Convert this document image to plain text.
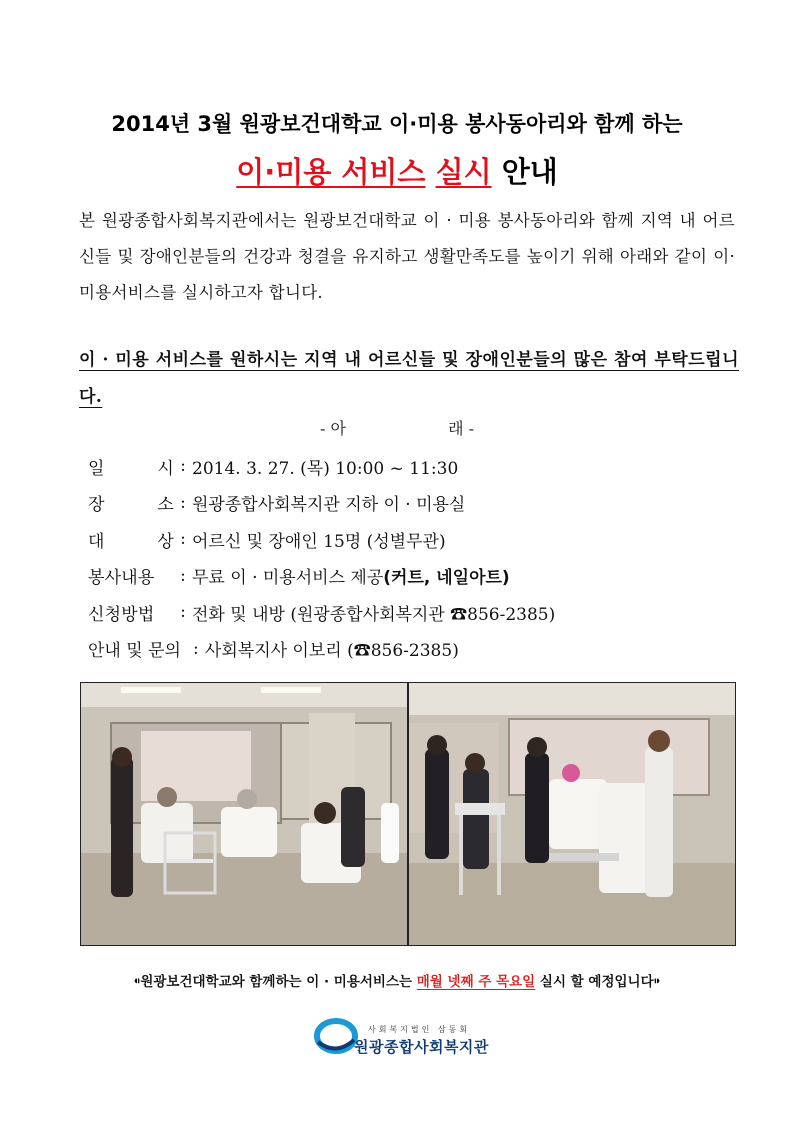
2014년 3월 원광보건대학교 이·미용 봉사동아리와 함께 하는
이·미용 서비스 실시 안내
본 원광종합사회복지관에서는 원광보건대학교 이 · 미용 봉사동아리와 함께 지역 내 어르신들 및 장애인분들의 건강과 청결을 유지하고 생활만족도를 높이기 위해 아래와 같이 이·미용서비스를 실시하고자 합니다.
이 · 미용 서비스를 원하시는 지역 내 어르신들 및 장애인분들의 많은 참여 부탁드립니다.
- 아	래 -
일	시 : 2014. 3. 27. (목) 10:00 ~ 11:30
장	소 : 원광종합사회복지관 지하 이 · 미용실
대	상 : 어르신 및 장애인 15명 (성별무관)
봉사내용	: 무료 이 · 미용서비스 제공 (커트, 네일아트)
신청방법	: 전화 및 내방 (원광종합사회복지관 ☎856-2385)
안내 및 문의 : 사회복지사 이보리 (☎856-2385)
⁌원광보건대학교와 함께하는 이 · 미용서비스는 매월 넷째 주 목요일 실시 할 예정입니다⁍
사회복지법인 삼동회
원광종합사회복지관
